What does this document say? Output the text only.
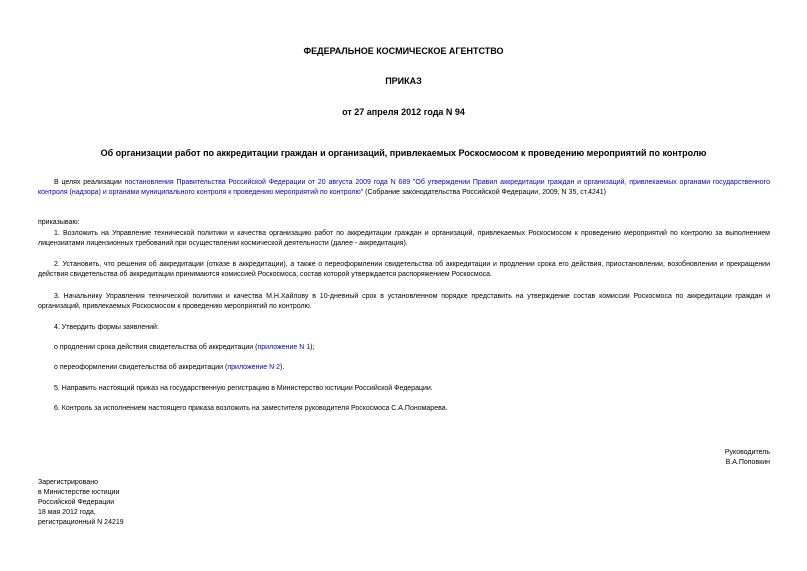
ФЕДЕРАЛЬНОЕ КОСМИЧЕСКОЕ АГЕНТСТВО
ПРИКАЗ
от 27 апреля 2012 года N 94
Об организации работ по аккредитации граждан и организаций, привлекаемых Роскосмосом к проведению мероприятий по контролю
В целях реализации постановления Правительства Российской Федерации от 20 августа 2009 года N 689 "Об утверждении Правил аккредитации граждан и организаций, привлекаемых органами государственного контроля (надзора) и органами муниципального контроля к проведению мероприятий по контролю" (Собрание законодательства Российской Федерации, 2009, N 35, ст.4241)
приказываю:
1. Возложить на Управление технической политики и качества организацию работ по аккредитации граждан и организаций, привлекаемых Роскосмосом к проведению мероприятий по контролю за выполнением лицензиатами лицензионных требований при осуществлении космической деятельности (далее - аккредитация).
2. Установить, что решения об аккредитации (отказе в аккредитации), а также о переоформлении свидетельства об аккредитации и продлении срока его действия, приостановлении, возобновлении и прекращении действия свидетельства об аккредитации принимаются комиссией Роскосмоса, состав которой утверждается распоряжением Роскосмоса.
3. Начальнику Управления технической политики и качества М.Н.Хайлову в 10-дневный срок в установленном порядке представить на утверждение состав комиссии Роскосмоса по аккредитации граждан и организаций, привлекаемых Роскосмосом к проведению мероприятий по контролю.
4. Утвердить формы заявлений:
о продлении срока действия свидетельства об аккредитации (приложение N 1);
о переоформлении свидетельства об аккредитации (приложение N 2).
5. Направить настоящий приказ на государственную регистрацию в Министерство юстиции Российской Федерации.
6. Контроль за исполнением настоящего приказа возложить на заместителя руководителя Роскосмоса С.А.Пономарева.
Руководитель
В.А.Поповкин
Зарегистрировано
в Министерстве юстиции
Российской Федерации
18 мая 2012 года,
регистрационный N 24219
